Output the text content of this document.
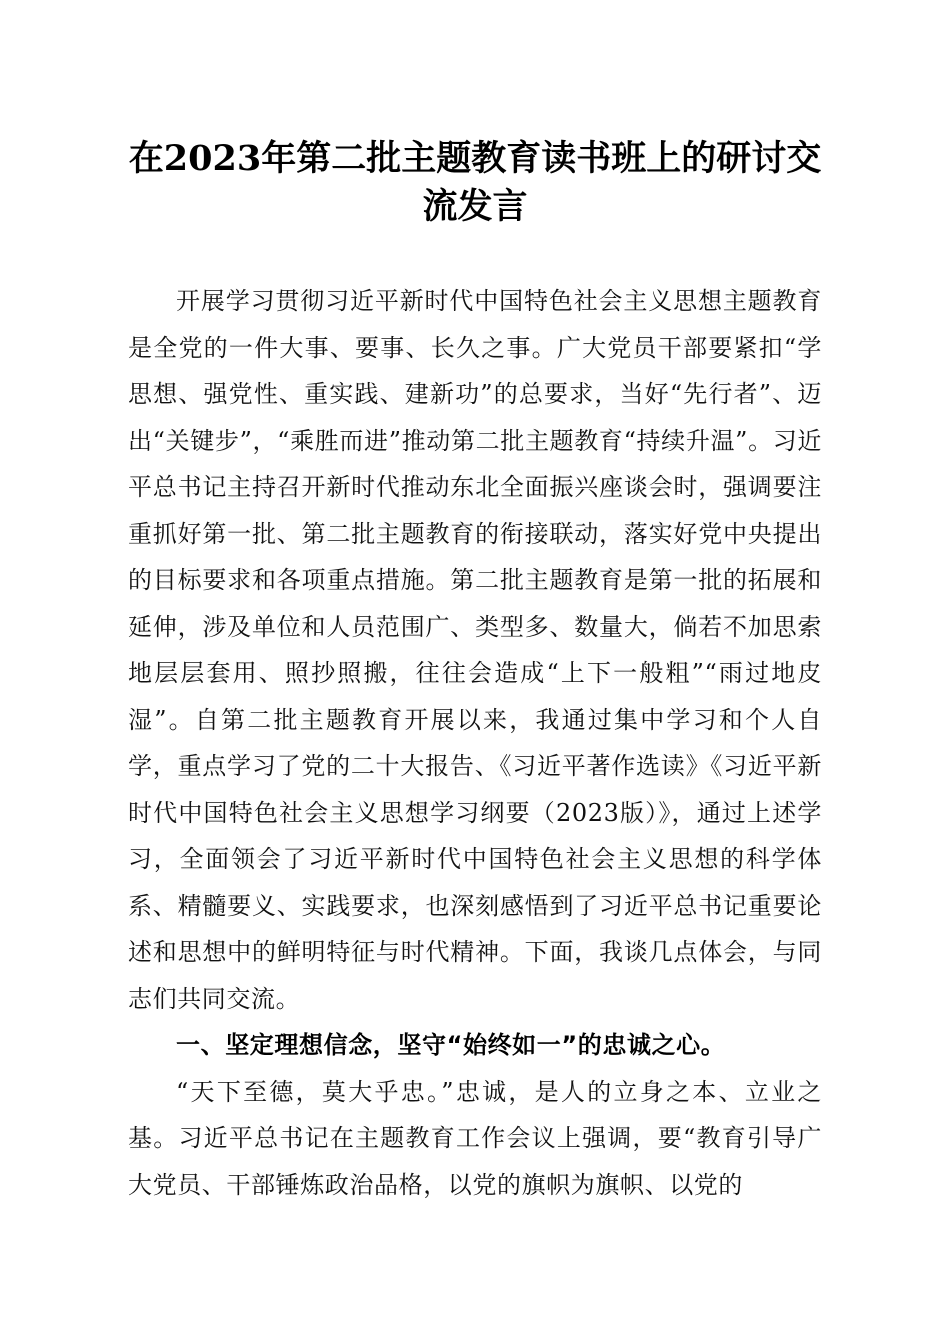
在2023年第二批主题教育读书班上的研讨交流发言

开展学习贯彻习近平新时代中国特色社会主义思想主题教育是全党的一件大事、要事、长久之事。广大党员干部要紧扣“学思想、强党性、重实践、建新功”的总要求，当好“先行者”、迈出“关键步”，“乘胜而进”推动第二批主题教育“持续升温”。习近平总书记主持召开新时代推动东北全面振兴座谈会时，强调要注重抓好第一批、第二批主题教育的衔接联动，落实好党中央提出的目标要求和各项重点措施。第二批主题教育是第一批的拓展和延伸，涉及单位和人员范围广、类型多、数量大，倘若不加思索地层层套用、照抄照搬，往往会造成“上下一般粗”“雨过地皮湿”。自第二批主题教育开展以来，我通过集中学习和个人自学，重点学习了党的二十大报告、《习近平著作选读》《习近平新时代中国特色社会主义思想学习纲要（2023版）》，通过上述学习，全面领会了习近平新时代中国特色社会主义思想的科学体系、精髓要义、实践要求，也深刻感悟到了习近平总书记重要论述和思想中的鲜明特征与时代精神。下面，我谈几点体会，与同志们共同交流。

一、坚定理想信念，坚守“始终如一”的忠诚之心。

“天下至德，莫大乎忠。”忠诚，是人的立身之本、立业之基。习近平总书记在主题教育工作会议上强调，要“教育引导广大党员、干部锤炼政治品格，以党的旗帜为旗帜、以党的
